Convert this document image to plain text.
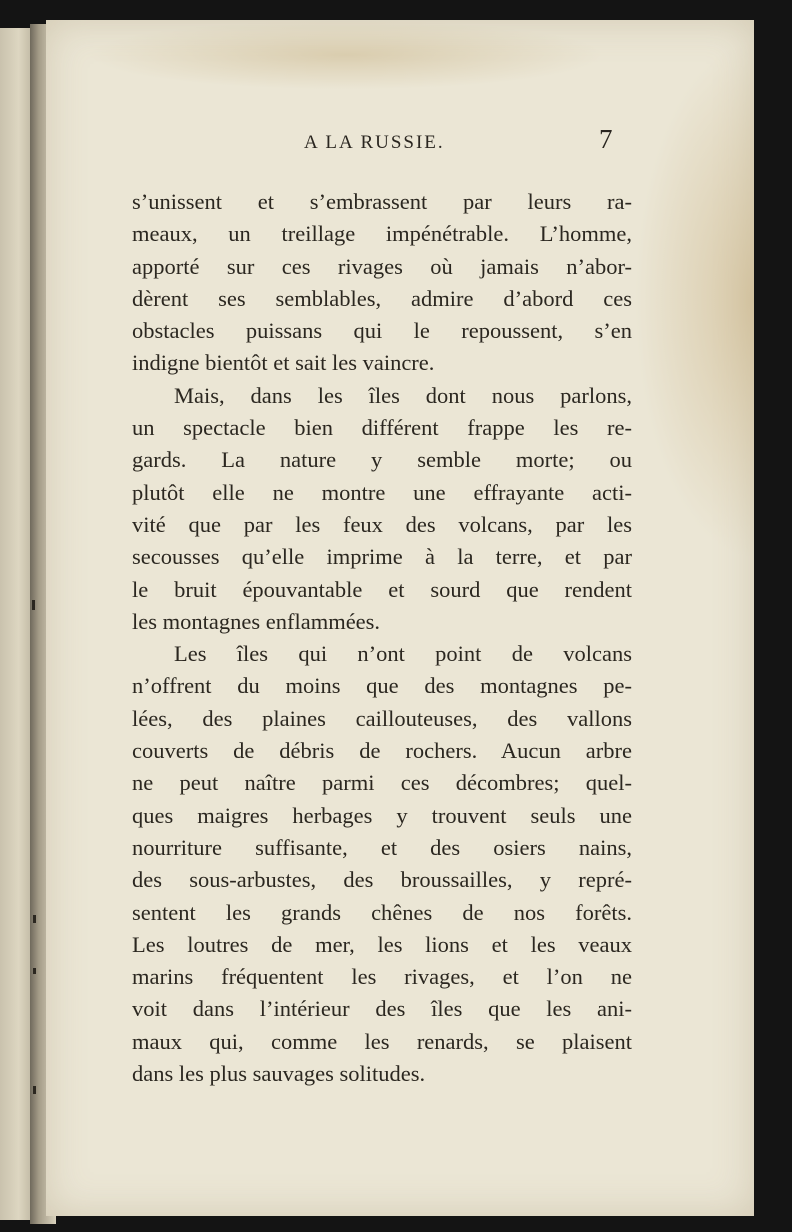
A LA RUSSIE.	7
s’unissent et s’embrassent par leurs ra-
meaux, un treillage impénétrable. L’homme,
apporté sur ces rivages où jamais n’abor-
dèrent ses semblables, admire d’abord ces
obstacles puissans qui le repoussent, s’en
indigne bientôt et sait les vaincre.
Mais, dans les îles dont nous parlons,
un spectacle bien différent frappe les re-
gards. La nature y semble morte; ou
plutôt elle ne montre une effrayante acti-
vité que par les feux des volcans, par les
secousses qu’elle imprime à la terre, et par
le bruit épouvantable et sourd que rendent
les montagnes enflammées.
Les îles qui n’ont point de volcans
n’offrent du moins que des montagnes pe-
lées, des plaines caillouteuses, des vallons
couverts de débris de rochers. Aucun arbre
ne peut naître parmi ces décombres; quel-
ques maigres herbages y trouvent seuls une
nourriture suffisante, et des osiers nains,
des sous-arbustes, des broussailles, y repré-
sentent les grands chênes de nos forêts.
Les loutres de mer, les lions et les veaux
marins fréquentent les rivages, et l’on ne
voit dans l’intérieur des îles que les ani-
maux qui, comme les renards, se plaisent
dans les plus sauvages solitudes.
